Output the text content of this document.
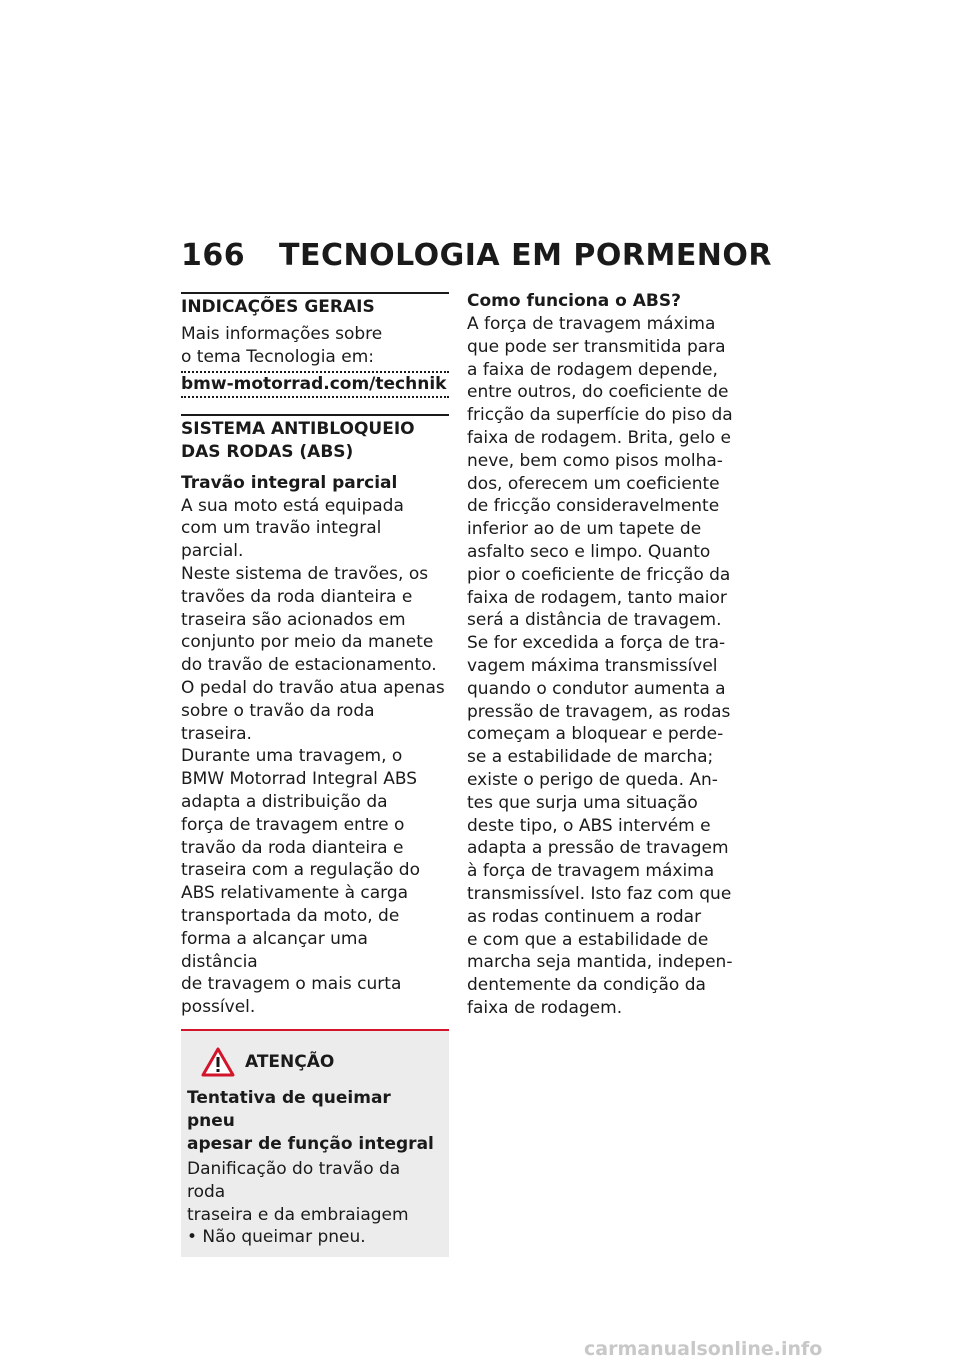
166 TECNOLOGIA EM PORMENOR
INDICAÇÕES GERAIS

Mais informações sobre

o tema Tecnologia em:

bmw-motorrad.com/technik
SISTEMA ANTIBLOQUEIO
DAS RODAS (ABS)
Travão integral parcial

A sua moto está equipada

com um travão integral parcial.

Neste sistema de travões, os

travões da roda dianteira e

traseira são acionados em

conjunto por meio da manete

do travão de estacionamento.

O pedal do travão atua apenas

sobre o travão da roda traseira.

Durante uma travagem, o

BMW Motorrad Integral ABS

adapta a distribuição da

força de travagem entre o

travão da roda dianteira e

traseira com a regulação do

ABS relativamente à carga

transportada da moto, de

forma a alcançar uma distância

de travagem o mais curta

possível.

ATENÇÃO
Tentativa de queimar pneu
apesar de função integral

Danificação do travão da roda

traseira e da embraiagem

• Não queimar pneu.

Como funciona o ABS?

A força de travagem máxima

que pode ser transmitida para

a faixa de rodagem depende,

entre outros, do coeficiente de

fricção da superfície do piso da

faixa de rodagem. Brita, gelo e

neve, bem como pisos molha-

dos, oferecem um coeficiente

de fricção consideravelmente

inferior ao de um tapete de

asfalto seco e limpo. Quanto

pior o coeficiente de fricção da

faixa de rodagem, tanto maior

será a distância de travagem.

Se for excedida a força de tra-

vagem máxima transmissível

quando o condutor aumenta a

pressão de travagem, as rodas

começam a bloquear e perde-

se a estabilidade de marcha;

existe o perigo de queda. An-

tes que surja uma situação

deste tipo, o ABS intervém e

adapta a pressão de travagem

à força de travagem máxima

transmissível. Isto faz com que

as rodas continuem a rodar

e com que a estabilidade de

marcha seja mantida, indepen-

dentemente da condição da

faixa de rodagem.

carmanualsonline.info
